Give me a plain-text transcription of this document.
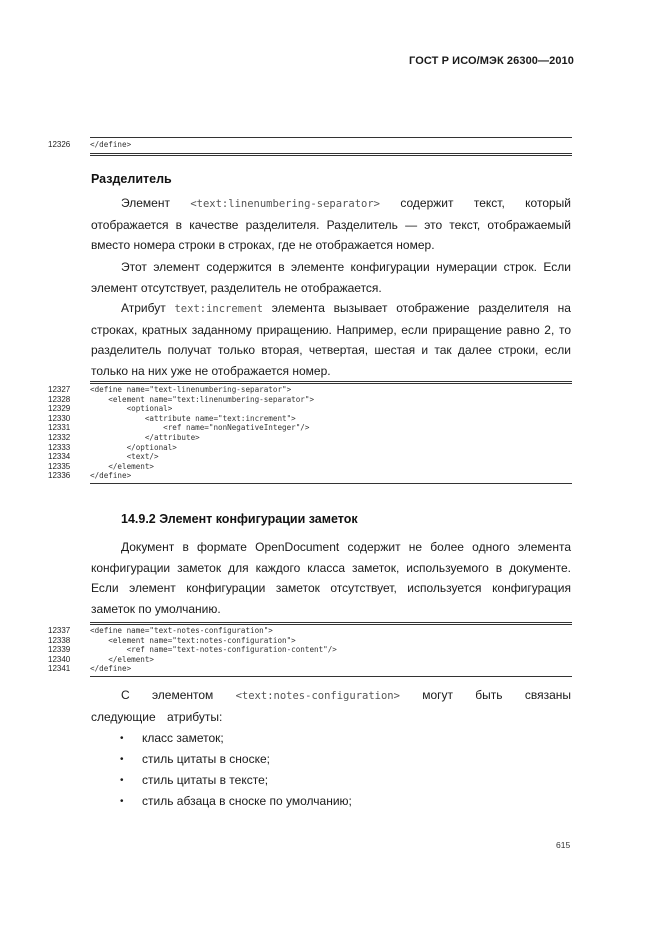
ГОСТ Р ИСО/МЭК 26300—2010
12326	</define>
Разделитель

Элемент <text:linenumbering-separator> содержит текст, который отображается в качестве разделителя. Разделитель — это текст, отображаемый вместо номера строки в строках, где не отображается номер.

Этот элемент содержится в элементе конфигурации нумерации строк. Если элемент отсутствует, разделитель не отображается.

Атрибут text:increment элемента вызывает отображение разделителя на строках, кратных заданному приращению. Например, если приращение равно 2, то разделитель получат только вторая, четвертая, шестая и так далее строки, если только на них уже не отображается номер.

12327	<define name="text-linenumbering-separator">
12328	<element name="text:linenumbering-separator">
12329	<optional>
12330	<attribute name="text:increment">
12331	<ref name="nonNegativeInteger"/>
12332	</attribute>
12333	</optional>
12334	<text/>
12335	</element>
12336	</define>
14.9.2 Элемент конфигурации заметок

Документ в формате OpenDocument содержит не более одного элемента конфигурации заметок для каждого класса заметок, используемого в документе. Если элемент конфигурации заметок отсутствует, используется конфигурация заметок по умолчанию.

12337	<define name="text-notes-configuration">
12338	<element name="text:notes-configuration">
12339	<ref name="text-notes-configuration-content"/>
12340	</element>
12341	</define>

С элементом <text:notes-configuration> могут быть связаны следующие атрибуты:

• класс заметок;
• стиль цитаты в сноске;
• стиль цитаты в тексте;
• стиль абзаца в сноске по умолчанию;
615
